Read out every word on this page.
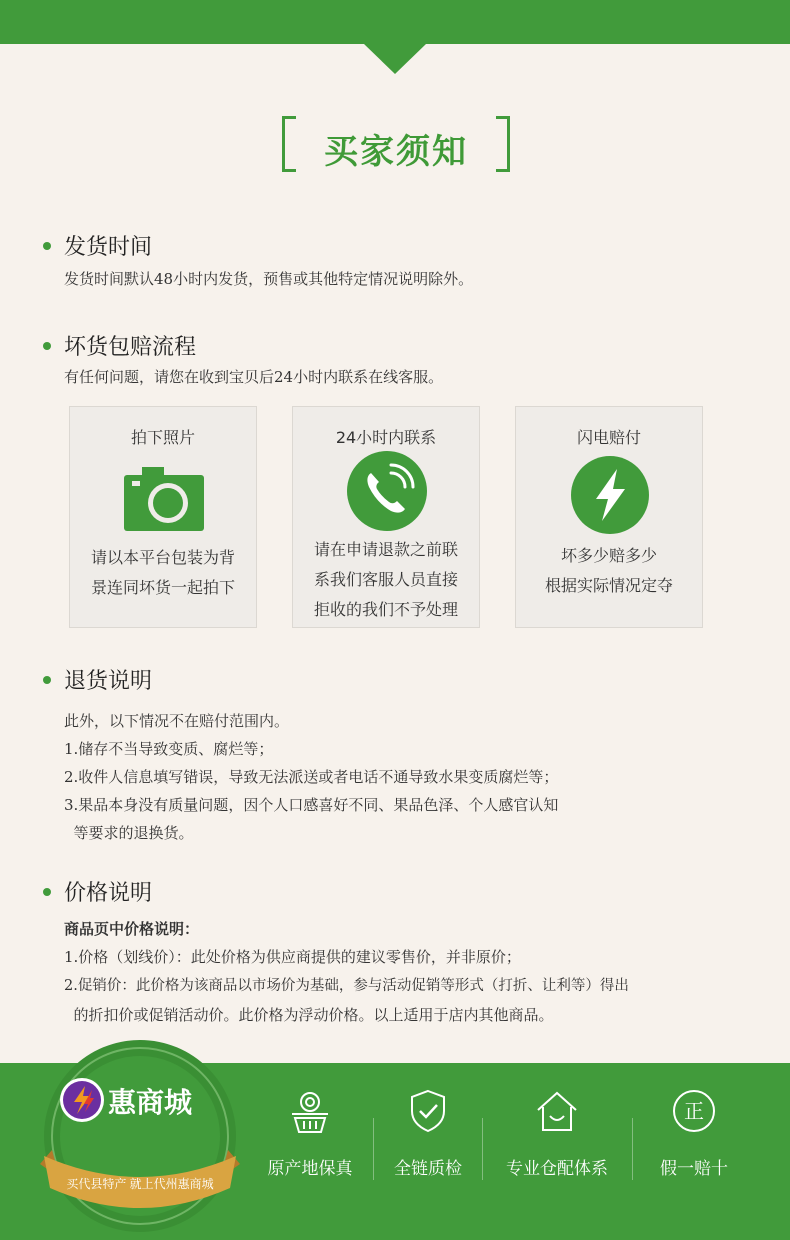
买家须知
发货时间
发货时间默认48小时内发货，预售或其他特定情况说明除外。
坏货包赔流程
有任何问题，请您在收到宝贝后24小时内联系在线客服。
拍下照片
请以本平台包装为背
景连同坏货一起拍下
24小时内联系
请在申请退款之前联
系我们客服人员直接
拒收的我们不予处理
闪电赔付
坏多少赔多少
根据实际情况定夺
退货说明
此外，以下情况不在赔付范围内。
1.储存不当导致变质、腐烂等；
2.收件人信息填写错误，导致无法派送或者电话不通导致水果变质腐烂等；
3.果品本身没有质量问题，因个人口感喜好不同、果品色泽、个人感官认知
等要求的退换货。
价格说明
商品页中价格说明：
1.价格（划线价）：此处价格为供应商提供的建议零售价，并非原价；
2.促销价：此价格为该商品以市场价为基础，参与活动促销等形式（打折、让利等）得出
的折扣价或促销活动价。此价格为浮动价格。以上适用于店内其他商品。
惠商城
买代县特产 就上代州惠商城
原产地保真	全链质检	专业仓配体系
正
假一赔十
